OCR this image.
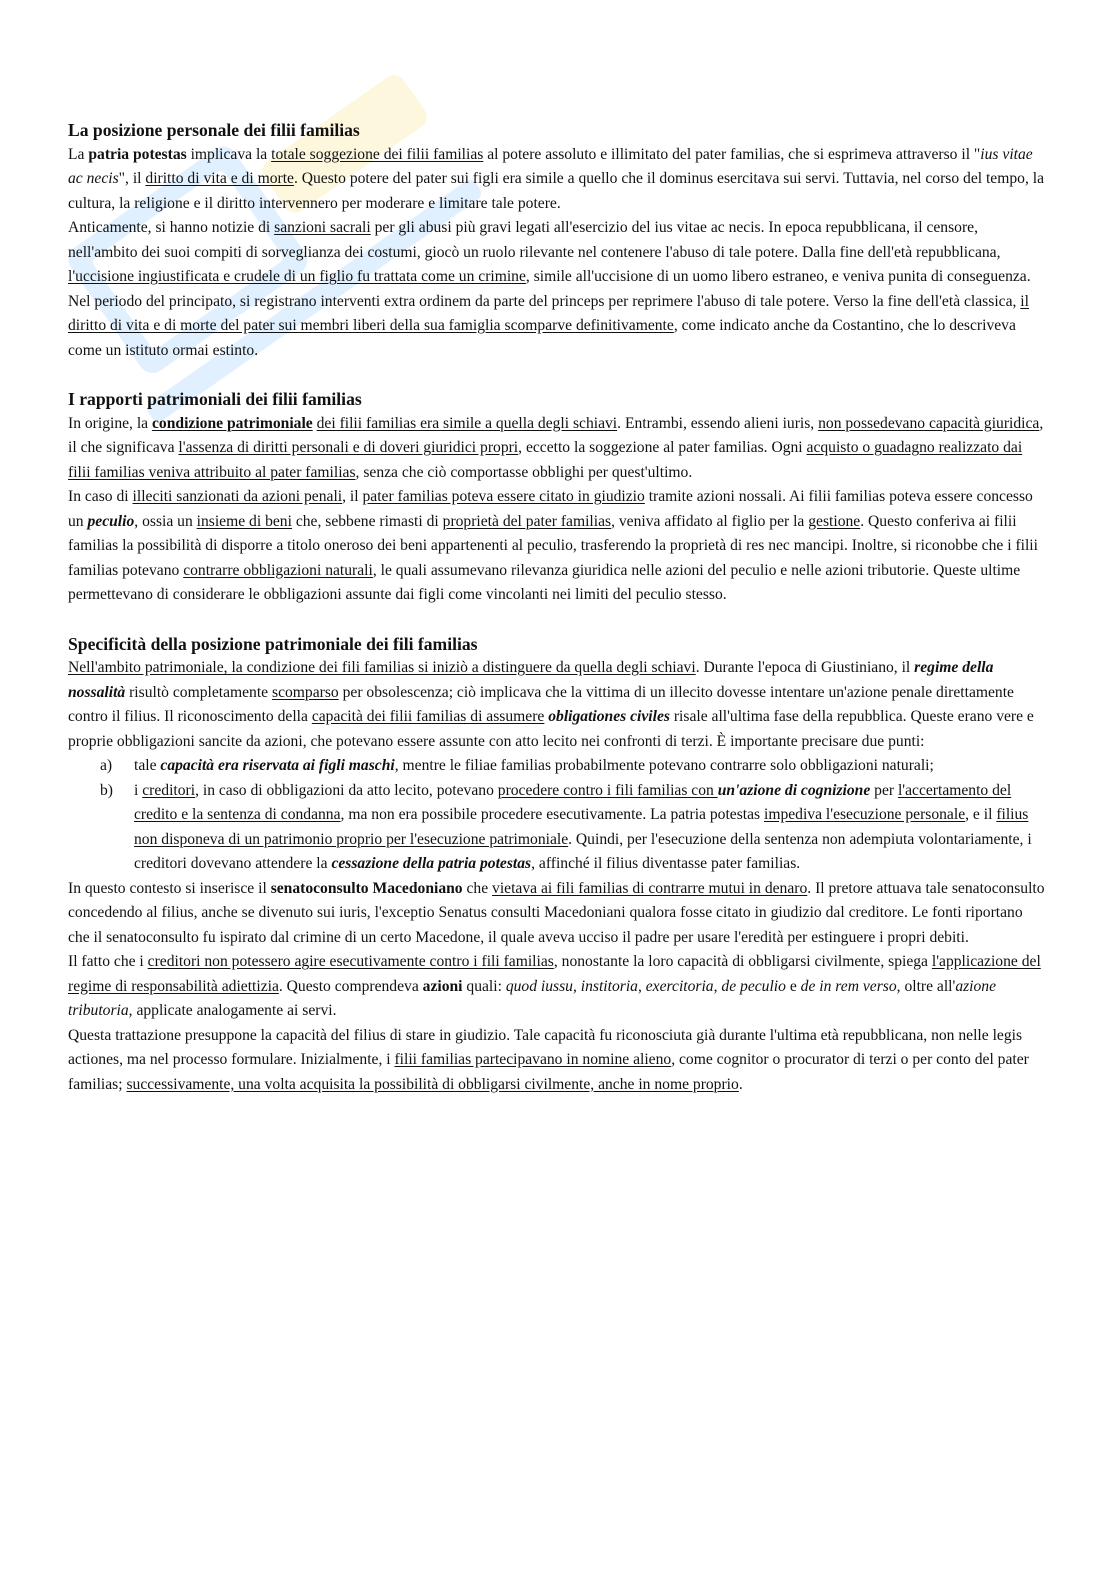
La posizione personale dei filii familias

La patria potestas implicava la totale soggezione dei filii familias al potere assoluto e illimitato del pater familias, che si esprimeva attraverso il "ius vitae ac necis", il diritto di vita e di morte. Questo potere del pater sui figli era simile a quello che il dominus esercitava sui servi. Tuttavia, nel corso del tempo, la cultura, la religione e il diritto intervennero per moderare e limitare tale potere.

Anticamente, si hanno notizie di sanzioni sacrali per gli abusi più gravi legati all'esercizio del ius vitae ac necis. In epoca repubblicana, il censore, nell'ambito dei suoi compiti di sorveglianza dei costumi, giocò un ruolo rilevante nel contenere l'abuso di tale potere. Dalla fine dell'età repubblicana, l'uccisione ingiustificata e crudele di un figlio fu trattata come un crimine, simile all'uccisione di un uomo libero estraneo, e veniva punita di conseguenza.

Nel periodo del principato, si registrano interventi extra ordinem da parte del princeps per reprimere l'abuso di tale potere. Verso la fine dell'età classica, il diritto di vita e di morte del pater sui membri liberi della sua famiglia scomparve definitivamente, come indicato anche da Costantino, che lo descriveva come un istituto ormai estinto.

I rapporti patrimoniali dei filii familias

In origine, la condizione patrimoniale dei filii familias era simile a quella degli schiavi. Entrambi, essendo alieni iuris, non possedevano capacità giuridica, il che significava l'assenza di diritti personali e di doveri giuridici propri, eccetto la soggezione al pater familias. Ogni acquisto o guadagno realizzato dai filii familias veniva attribuito al pater familias, senza che ciò comportasse obblighi per quest'ultimo.

In caso di illeciti sanzionati da azioni penali, il pater familias poteva essere citato in giudizio tramite azioni nossali. Ai filii familias poteva essere concesso un peculio, ossia un insieme di beni che, sebbene rimasti di proprietà del pater familias, veniva affidato al figlio per la gestione. Questo conferiva ai filii familias la possibilità di disporre a titolo oneroso dei beni appartenenti al peculio, trasferendo la proprietà di res nec mancipi. Inoltre, si riconobbe che i filii familias potevano contrarre obbligazioni naturali, le quali assumevano rilevanza giuridica nelle azioni del peculio e nelle azioni tributorie. Queste ultime permettevano di considerare le obbligazioni assunte dai figli come vincolanti nei limiti del peculio stesso.

Specificità della posizione patrimoniale dei fili familias

Nell'ambito patrimoniale, la condizione dei fili familias si iniziò a distinguere da quella degli schiavi. Durante l'epoca di Giustiniano, il regime della nossalità risultò completamente scomparso per obsolescenza; ciò implicava che la vittima di un illecito dovesse intentare un'azione penale direttamente contro il filius. Il riconoscimento della capacità dei filii familias di assumere obligationes civiles risale all'ultima fase della repubblica. Queste erano vere e proprie obbligazioni sancite da azioni, che potevano essere assunte con atto lecito nei confronti di terzi. È importante precisare due punti:

a) tale capacità era riservata ai figli maschi, mentre le filiae familias probabilmente potevano contrarre solo obbligazioni naturali;
b) i creditori, in caso di obbligazioni da atto lecito, potevano procedere contro i fili familias con un'azione di cognizione per l'accertamento del credito e la sentenza di condanna, ma non era possibile procedere esecutivamente. La patria potestas impediva l'esecuzione personale, e il filius non disponeva di un patrimonio proprio per l'esecuzione patrimoniale. Quindi, per l'esecuzione della sentenza non adempiuta volontariamente, i creditori dovevano attendere la cessazione della patria potestas, affinché il filius diventasse pater familias.

In questo contesto si inserisce il senatoconsulto Macedoniano che vietava ai fili familias di contrarre mutui in denaro. Il pretore attuava tale senatoconsulto concedendo al filius, anche se divenuto sui iuris, l'exceptio Senatus consulti Macedoniani qualora fosse citato in giudizio dal creditore. Le fonti riportano che il senatoconsulto fu ispirato dal crimine di un certo Macedone, il quale aveva ucciso il padre per usare l'eredità per estinguere i propri debiti.

Il fatto che i creditori non potessero agire esecutivamente contro i fili familias, nonostante la loro capacità di obbligarsi civilmente, spiega l'applicazione del regime di responsabilità adiettizia. Questo comprendeva azioni quali: quod iussu, institoria, exercitoria, de peculio e de in rem verso, oltre all'azione tributoria, applicate analogamente ai servi.

Questa trattazione presuppone la capacità del filius di stare in giudizio. Tale capacità fu riconosciuta già durante l'ultima età repubblicana, non nelle legis actiones, ma nel processo formulare. Inizialmente, i filii familias partecipavano in nomine alieno, come cognitor o procurator di terzi o per conto del pater familias; successivamente, una volta acquisita la possibilità di obbligarsi civilmente, anche in nome proprio.
